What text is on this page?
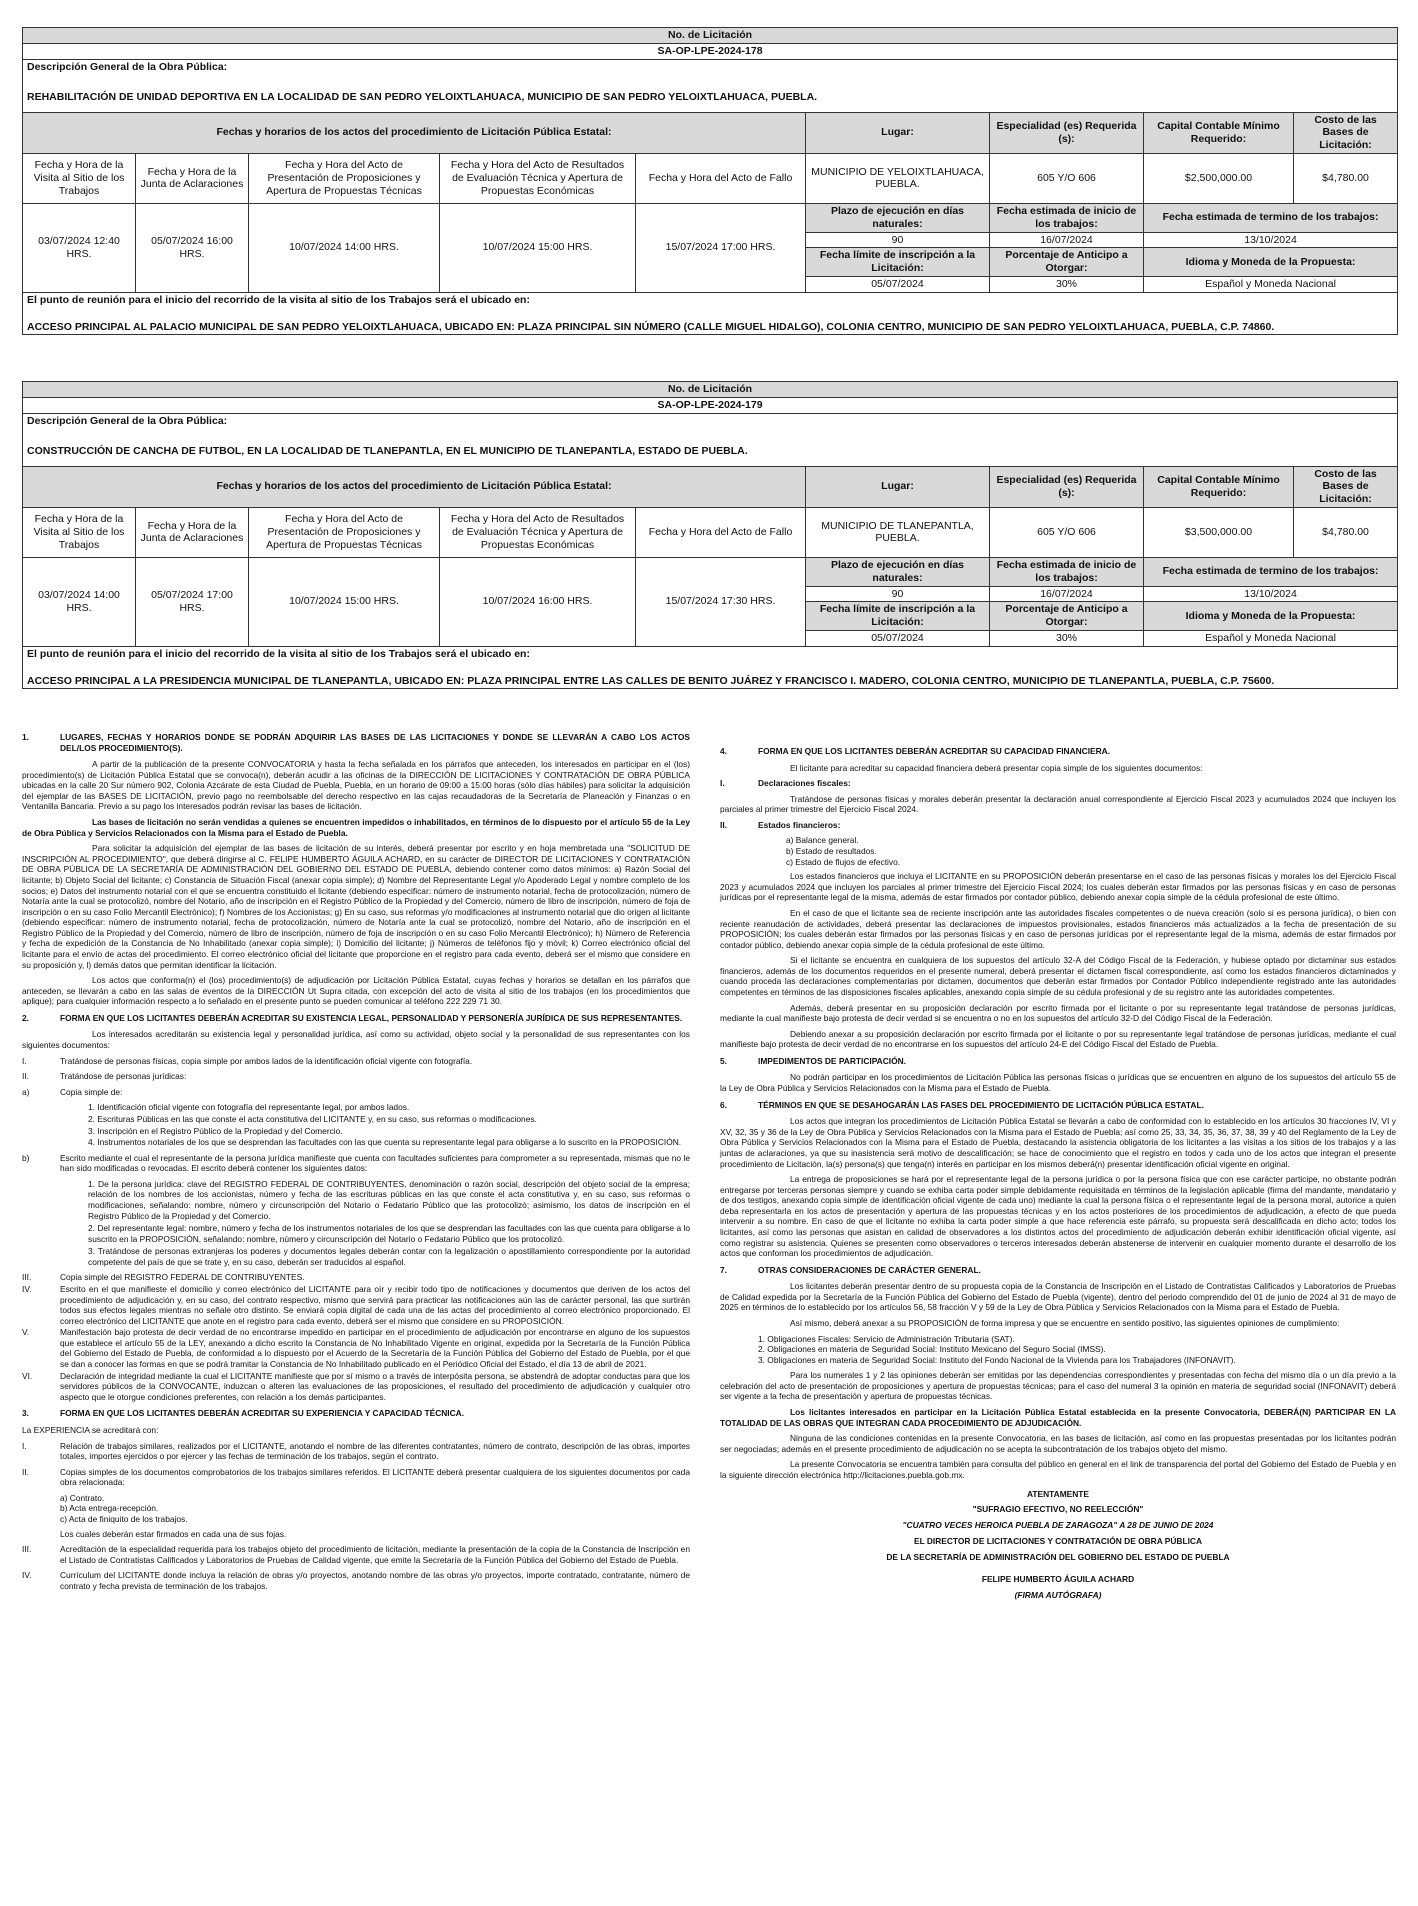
No. de Licitación								
SA-OP-LPE-2024-178								

Descripción General de la Obra Pública:
REHABILITACIÓN DE UNIDAD DEPORTIVA EN LA LOCALIDAD DE SAN PEDRO YELOIXTLAHUACA, MUNICIPIO DE SAN PEDRO YELOIXTLAHUACA, PUEBLA.								

Fechas y horarios de los actos del procedimiento de Licitación Pública Estatal:					Lugar:	Especialidad (es) Requerida (s):	Capital Contable Mínimo Requerido:	Costo de las Bases de Licitación:
Fecha y Hora de la Visita al Sitio de los Trabajos	Fecha y Hora de la Junta de Aclaraciones	Fecha y Hora del Acto de Presentación de Proposiciones y Apertura de Propuestas Técnicas	Fecha y Hora del Acto de Resultados de Evaluación Técnica y Apertura de Propuestas Económicas	Fecha y Hora del Acto de Fallo	MUNICIPIO DE YELOIXTLAHUACA, PUEBLA.	605 Y/O 606	$2,500,000.00	$4,780.00
03/07/2024 12:40 HRS.	05/07/2024 16:00 HRS.	10/07/2024 14:00 HRS.	10/07/2024 15:00 HRS.	15/07/2024 17:00 HRS.	Plazo de ejecución en días naturales:	Fecha estimada de inicio de los trabajos:	Fecha estimada de termino de los trabajos:	
					90	16/07/2024	13/10/2024	
					Fecha límite de inscripción a la Licitación:	Porcentaje de Anticipo a Otorgar:	Idioma y Moneda de la Propuesta:	
					05/07/2024	30%	Español y Moneda Nacional	

El punto de reunión para el inicio del recorrido de la visita al sitio de los Trabajos será el ubicado en:
ACCESO PRINCIPAL AL PALACIO MUNICIPAL DE SAN PEDRO YELOIXTLAHUACA, UBICADO EN: PLAZA PRINCIPAL SIN NÚMERO (CALLE MIGUEL HIDALGO), COLONIA CENTRO, MUNICIPIO DE SAN PEDRO YELOIXTLAHUACA, PUEBLA, C.P. 74860.								
No. de Licitación								
SA-OP-LPE-2024-179								

Descripción General de la Obra Pública:
CONSTRUCCIÓN DE CANCHA DE FUTBOL, EN LA LOCALIDAD DE TLANEPANTLA, EN EL MUNICIPIO DE TLANEPANTLA, ESTADO DE PUEBLA.								

Fechas y horarios de los actos del procedimiento de Licitación Pública Estatal:					Lugar:	Especialidad (es) Requerida (s):	Capital Contable Mínimo Requerido:	Costo de las Bases de Licitación:
Fecha y Hora de la Visita al Sitio de los Trabajos	Fecha y Hora de la Junta de Aclaraciones	Fecha y Hora del Acto de Presentación de Proposiciones y Apertura de Propuestas Técnicas	Fecha y Hora del Acto de Resultados de Evaluación Técnica y Apertura de Propuestas Económicas	Fecha y Hora del Acto de Fallo	MUNICIPIO DE TLANEPANTLA, PUEBLA.	605 Y/O 606	$3,500,000.00	$4,780.00
03/07/2024 14:00 HRS.	05/07/2024 17:00 HRS.	10/07/2024 15:00 HRS.	10/07/2024 16:00 HRS.	15/07/2024 17:30 HRS.	Plazo de ejecución en días naturales:	Fecha estimada de inicio de los trabajos:	Fecha estimada de termino de los trabajos:	
					90	16/07/2024	13/10/2024	
					Fecha límite de inscripción a la Licitación:	Porcentaje de Anticipo a Otorgar:	Idioma y Moneda de la Propuesta:	
					05/07/2024	30%	Español y Moneda Nacional	

El punto de reunión para el inicio del recorrido de la visita al sitio de los Trabajos será el ubicado en:
ACCESO PRINCIPAL A LA PRESIDENCIA MUNICIPAL DE TLANEPANTLA, UBICADO EN: PLAZA PRINCIPAL ENTRE LAS CALLES DE BENITO JUÁREZ Y FRANCISCO I. MADERO, COLONIA CENTRO, MUNICIPIO DE TLANEPANTLA, PUEBLA, C.P. 75600.								

1.	LUGARES, FECHAS Y HORARIOS DONDE SE PODRÁN ADQUIRIR LAS BASES DE LAS LICITACIONES Y DONDE SE LLEVARÁN A CABO LOS ACTOS DEL/LOS PROCEDIMIENTO(S).

A partir de la publicación de la presente CONVOCATORIA y hasta la fecha señalada en los párrafos que anteceden, los interesados en participar en el (los) procedimiento(s) de Licitación Pública Estatal que se convoca(n), deberán acudir a las oficinas de la DIRECCIÓN DE LICITACIONES Y CONTRATACIÓN DE OBRA PÚBLICA ubicadas en la calle 20 Sur número 902, Colonia Azcárate de esta Ciudad de Puebla, Puebla, en un horario de 09:00 a 15:00 horas (sólo días hábiles) para solicitar la adquisición del ejemplar de las BASES DE LICITACIÓN, previo pago no reembolsable del derecho respectivo en las cajas recaudadoras de la Secretaría de Planeación y Finanzas o en Ventanilla Bancaria. Previo a su pago los interesados podrán revisar las bases de licitación.

Las bases de licitación no serán vendidas a quienes se encuentren impedidos o inhabilitados, en términos de lo dispuesto por el artículo 55 de la Ley de Obra Pública y Servicios Relacionados con la Misma para el Estado de Puebla.

Para solicitar la adquisición del ejemplar de las bases de licitación de su interés, deberá presentar por escrito y en hoja membretada una "SOLICITUD DE INSCRIPCIÓN AL PROCEDIMIENTO", que deberá dirigirse al C. FELIPE HUMBERTO ÁGUILA ACHARD, en su carácter de DIRECTOR DE LICITACIONES Y CONTRATACIÓN DE OBRA PÚBLICA DE LA SECRETARÍA DE ADMINISTRACIÓN DEL GOBIERNO DEL ESTADO DE PUEBLA, debiendo contener como datos mínimos: a) Razón Social del licitante; b) Objeto Social del licitante; c) Constancia de Situación Fiscal (anexar copia simple); d) Nombre del Representante Legal y/o Apoderado Legal y nombre completo de los socios; e) Datos del instrumento notarial con el que se encuentra constituido el licitante (debiendo especificar: número de instrumento notarial, fecha de protocolización, número de Notaría ante la cual se protocolizó, nombre del Notario, año de inscripción en el Registro Público de la Propiedad y del Comercio, número de libro de inscripción, número de foja de inscripción o en su caso Folio Mercantil Electrónico); f) Nombres de los Accionistas; g) En su caso, sus reformas y/o modificaciones al instrumento notarial que dio origen al licitante (debiendo especificar: número de instrumento notarial, fecha de protocolización, número de Notaría ante la cual se protocolizó, nombre del Notario, año de inscripción en el Registro Público de la Propiedad y del Comercio, número de libro de inscripción, número de foja de inscripción o en su caso Folio Mercantil Electrónico); h) Número de Referencia y fecha de expedición de la Constancia de No Inhabilitado (anexar copia simple); i) Domicilio del licitante; j) Números de teléfonos fijo y móvil; k) Correo electrónico oficial del licitante para el envío de actas del procedimiento. El correo electrónico oficial del licitante que proporcione en el registro para cada evento, deberá ser el mismo que considere en su proposición y, l) demás datos que permitan identificar la licitación.

Los actos que conforma(n) el (los) procedimiento(s) de adjudicación por Licitación Pública Estatal, cuyas fechas y horarios se detallan en los párrafos que anteceden, se llevarán a cabo en las salas de eventos de la DIRECCIÓN Ut Supra citada, con excepción del acto de visita al sitio de los trabajos (en los procedimientos que aplique); para cualquier información respecto a lo señalado en el presente punto se pueden comunicar al teléfono 222 229 71 30.

2.	FORMA EN QUE LOS LICITANTES DEBERÁN ACREDITAR SU EXISTENCIA LEGAL, PERSONALIDAD Y PERSONERÍA JURÍDICA DE SUS REPRESENTANTES.

Los interesados acreditarán su existencia legal y personalidad jurídica, así como su actividad, objeto social y la personalidad de sus representantes con los siguientes documentos:

I.	Tratándose de personas físicas, copia simple por ambos lados de la identificación oficial vigente con fotografía.

II.	Tratándose de personas jurídicas:

a)	Copia simple de:

1. Identificación oficial vigente con fotografía del representante legal, por ambos lados.

2. Escrituras Públicas en las que conste el acta constitutiva del LICITANTE y, en su caso, sus reformas o modificaciones.

3. Inscripción en el Registro Público de la Propiedad y del Comercio.

4. Instrumentos notariales de los que se desprendan las facultades con las que cuenta su representante legal para obligarse a lo suscrito en la PROPOSICIÓN.

b)	Escrito mediante el cual el representante de la persona jurídica manifieste que cuenta con facultades suficientes para comprometer a su representada, mismas que no le han sido modificadas o revocadas. El escrito deberá contener los siguientes datos:

1. De la persona jurídica: clave del REGISTRO FEDERAL DE CONTRIBUYENTES, denominación o razón social, descripción del objeto social de la empresa; relación de los nombres de los accionistas, número y fecha de las escrituras públicas en las que conste el acta constitutiva y, en su caso, sus reformas o modificaciones, señalando: nombre, número y circunscripción del Notario o Fedatario Público que las protocolizó; asimismo, los datos de inscripción en el Registro Público de la Propiedad y del Comercio.

2. Del representante legal: nombre, número y fecha de los instrumentos notariales de los que se desprendan las facultades con las que cuenta para obligarse a lo suscrito en la PROPOSICIÓN, señalando: nombre, número y circunscripción del Notario o Fedatario Público que los protocolizó.

3. Tratándose de personas extranjeras los poderes y documentos legales deberán contar con la legalización o apostillamiento correspondiente por la autoridad competente del país de que se trate y, en su caso, deberán ser traducidos al español.

III.	Copia simple del REGISTRO FEDERAL DE CONTRIBUYENTES.

IV.	Escrito en el que manifieste el domicilio y correo electrónico del LICITANTE para oír y recibir todo tipo de notificaciones y documentos que deriven de los actos del procedimiento de adjudicación y, en su caso, del contrato respectivo, mismo que servirá para practicar las notificaciones aún las de carácter personal, las que surtirán todos sus efectos legales mientras no señale otro distinto. Se enviará copia digital de cada una de las actas del procedimiento al correo electrónico proporcionado. El correo electrónico del LICITANTE que anote en el registro para cada evento, deberá ser el mismo que considere en su PROPOSICIÓN.

V.	Manifestación bajo protesta de decir verdad de no encontrarse impedido en participar en el procedimiento de adjudicación por encontrarse en alguno de los supuestos que establece el artículo 55 de la LEY, anexando a dicho escrito la Constancia de No Inhabilitado Vigente en original, expedida por la Secretaría de la Función Pública del Gobierno del Estado de Puebla, de conformidad a lo dispuesto por el Acuerdo de la Secretaría de la Función Pública del Gobierno del Estado de Puebla, por el que se dan a conocer las formas en que se podrá tramitar la Constancia de No Inhabilitado publicado en el Periódico Oficial del Estado, el día 13 de abril de 2021.

VI.	Declaración de integridad mediante la cual el LICITANTE manifieste que por sí mismo o a través de interpósita persona, se abstendrá de adoptar conductas para que los servidores públicos de la CONVOCANTE, induzcan o alteren las evaluaciones de las proposiciones, el resultado del procedimiento de adjudicación y cualquier otro aspecto que le otorgue condiciones preferentes, con relación a los demás participantes.

3.	FORMA EN QUE LOS LICITANTES DEBERÁN ACREDITAR SU EXPERIENCIA Y CAPACIDAD TÉCNICA.

La EXPERIENCIA se acreditará con:

I.	Relación de trabajos similares, realizados por el LICITANTE, anotando el nombre de las diferentes contratantes, número de contrato, descripción de las obras, importes totales, importes ejercidos o por ejercer y las fechas de terminación de los trabajos, según el contrato.

II.	Copias simples de los documentos comprobatorios de los trabajos similares referidos. El LICITANTE deberá presentar cualquiera de los siguientes documentos por cada obra relacionada:

a) Contrato.

b) Acta entrega-recepción.

c) Acta de finiquito de los trabajos.

Los cuales deberán estar firmados en cada una de sus fojas.

III.	Acreditación de la especialidad requerida para los trabajos objeto del procedimiento de licitación, mediante la presentación de la copia de la Constancia de Inscripción en el Listado de Contratistas Calificados y Laboratorios de Pruebas de Calidad vigente, que emite la Secretaría de la Función Pública del Gobierno del Estado de Puebla.

IV.	Currículum del LICITANTE donde incluya la relación de obras y/o proyectos, anotando nombre de las obras y/o proyectos, importe contratado, contratante, número de contrato y fecha prevista de terminación de los trabajos.

4.	FORMA EN QUE LOS LICITANTES DEBERÁN ACREDITAR SU CAPACIDAD FINANCIERA.

El licitante para acreditar su capacidad financiera deberá presentar copia simple de los siguientes documentos:

I.	Declaraciones fiscales:

Tratándose de personas físicas y morales deberán presentar la declaración anual correspondiente al Ejercicio Fiscal 2023 y acumulados 2024 que incluyen los parciales al primer trimestre del Ejercicio Fiscal 2024.

II.	Estados financieros:

a) Balance general.

b) Estado de resultados.

c) Estado de flujos de efectivo.

Los estados financieros que incluya el LICITANTE en su PROPOSICIÓN deberán presentarse en el caso de las personas físicas y morales los del Ejercicio Fiscal 2023 y acumulados 2024 que incluyen los parciales al primer trimestre del Ejercicio Fiscal 2024; los cuales deberán estar firmados por las personas físicas y en caso de personas jurídicas por el representante legal de la misma, además de estar firmados por contador público, debiendo anexar copia simple de la cédula profesional de este último.

En el caso de que el licitante sea de reciente inscripción ante las autoridades fiscales competentes o de nueva creación (solo si es persona jurídica), o bien con reciente reanudación de actividades, deberá presentar las declaraciones de impuestos provisionales, estados financieros más actualizados a la fecha de presentación de su PROPOSICIÓN; los cuales deberán estar firmados por las personas físicas y en caso de personas jurídicas por el representante legal de la misma, además de estar firmados por contador público, debiendo anexar copia simple de la cédula profesional de este último.

Si el licitante se encuentra en cualquiera de los supuestos del artículo 32-A del Código Fiscal de la Federación, y hubiese optado por dictaminar sus estados financieros, además de los documentos requeridos en el presente numeral, deberá presentar el dictamen fiscal correspondiente, así como los estados financieros dictaminados y cuando proceda las declaraciones complementarias por dictamen, documentos que deberán estar firmados por Contador Público independiente registrado ante las autoridades competentes en términos de las disposiciones fiscales aplicables, anexando copia simple de su cédula profesional y de su registro ante las autoridades competentes.

Además, deberá presentar en su proposición declaración por escrito firmada por el licitante o por su representante legal tratándose de personas jurídicas, mediante la cual manifieste bajo protesta de decir verdad si se encuentra o no en los supuestos del artículo 32-D del Código Fiscal de la Federación.

Debiendo anexar a su proposición declaración por escrito firmada por el licitante o por su representante legal tratándose de personas jurídicas, mediante el cual manifieste bajo protesta de decir verdad de no encontrarse en los supuestos del artículo 24-E del Código Fiscal del Estado de Puebla.

5.	IMPEDIMENTOS DE PARTICIPACIÓN.

No podrán participar en los procedimientos de Licitación Pública las personas físicas o jurídicas que se encuentren en alguno de los supuestos del artículo 55 de la Ley de Obra Pública y Servicios Relacionados con la Misma para el Estado de Puebla.

6.	TÉRMINOS EN QUE SE DESAHOGARÁN LAS FASES DEL PROCEDIMIENTO DE LICITACIÓN PÚBLICA ESTATAL.

Los actos que integran los procedimientos de Licitación Pública Estatal se llevarán a cabo de conformidad con lo establecido en los artículos 30 fracciones IV, VI y XV, 32, 35 y 36 de la Ley de Obra Pública y Servicios Relacionados con la Misma para el Estado de Puebla; así como 25, 33, 34, 35, 36, 37, 38, 39 y 40 del Reglamento de la Ley de Obra Pública y Servicios Relacionados con la Misma para el Estado de Puebla, destacando la asistencia obligatoria de los licitantes a las visitas a los sitios de los trabajos y a las juntas de aclaraciones, ya que su inasistencia será motivo de descalificación; se hace de conocimiento que el registro en todos y cada uno de los actos que integran el presente procedimiento de Licitación, la(s) persona(s) que tenga(n) interés en participar en los mismos deberá(n) presentar identificación oficial vigente en original.

La entrega de proposiciones se hará por el representante legal de la persona jurídica o por la persona física que con ese carácter participe, no obstante podrán entregarse por terceras personas siempre y cuando se exhiba carta poder simple debidamente requisitada en términos de la legislación aplicable (firma del mandante, mandatario y de dos testigos, anexando copia simple de identificación oficial vigente de cada uno) mediante la cual la persona física o el representante legal de la persona moral, autorice a quien deba representarla en los actos de presentación y apertura de las propuestas técnicas y en los actos posteriores de los procedimientos de adjudicación, a efecto de que pueda intervenir a su nombre. En caso de que el licitante no exhiba la carta poder simple a que hace referencia este párrafo, su propuesta será descalificada en dicho acto; todos los licitantes, así como las personas que asistan en calidad de observadores a los distintos actos del procedimiento de adjudicación deberán exhibir identificación oficial vigente, así como registrar su asistencia. Quienes se presenten como observadores o terceros interesados deberán abstenerse de intervenir en cualquier momento durante el desarrollo de los actos que conforman los procedimientos de adjudicación.

7.	OTRAS CONSIDERACIONES DE CARÁCTER GENERAL.

Los licitantes deberán presentar dentro de su propuesta copia de la Constancia de Inscripción en el Listado de Contratistas Calificados y Laboratorios de Pruebas de Calidad expedida por la Secretaría de la Función Pública del Gobierno del Estado de Puebla (vigente), dentro del periodo comprendido del 01 de junio de 2024 al 31 de mayo de 2025 en términos de lo establecido por los artículos 56, 58 fracción V y 59 de la Ley de Obra Pública y Servicios Relacionados con la Misma para el Estado de Puebla.

Así mismo, deberá anexar a su PROPOSICIÓN de forma impresa y que se encuentre en sentido positivo, las siguientes opiniones de cumplimiento:

1. Obligaciones Fiscales: Servicio de Administración Tributaria (SAT).

2. Obligaciones en materia de Seguridad Social: Instituto Mexicano del Seguro Social (IMSS).

3. Obligaciones en materia de Seguridad Social: Instituto del Fondo Nacional de la Vivienda para los Trabajadores (INFONAVIT).

Para los numerales 1 y 2 las opiniones deberán ser emitidas por las dependencias correspondientes y presentadas con fecha del mismo día o un día previo a la celebración del acto de presentación de proposiciones y apertura de propuestas técnicas; para el caso del numeral 3 la opinión en materia de seguridad social (INFONAVIT) deberá ser vigente a la fecha de presentación y apertura de propuestas técnicas.

Los licitantes interesados en participar en la Licitación Pública Estatal establecida en la presente Convocatoria, DEBERÁ(N) PARTICIPAR EN LA TOTALIDAD DE LAS OBRAS QUE INTEGRAN CADA PROCEDIMIENTO DE ADJUDICACIÓN.

Ninguna de las condiciones contenidas en la presente Convocatoria, en las bases de licitación, así como en las propuestas presentadas por los licitantes podrán ser negociadas; además en el presente procedimiento de adjudicación no se acepta la subcontratación de los trabajos objeto del mismo.

La presente Convocatoria se encuentra también para consulta del público en general en el link de transparencia del portal del Gobierno del Estado de Puebla y en la siguiente dirección electrónica http://licitaciones.puebla.gob.mx.

ATENTAMENTE

"SUFRAGIO EFECTIVO, NO REELECCIÓN"

"CUATRO VECES HEROICA PUEBLA DE ZARAGOZA" A 28 DE JUNIO DE 2024

EL DIRECTOR DE LICITACIONES Y CONTRATACIÓN DE OBRA PÚBLICA

DE LA SECRETARÍA DE ADMINISTRACIÓN DEL GOBIERNO DEL ESTADO DE PUEBLA

FELIPE HUMBERTO ÁGUILA ACHARD

(FIRMA AUTÓGRAFA)
